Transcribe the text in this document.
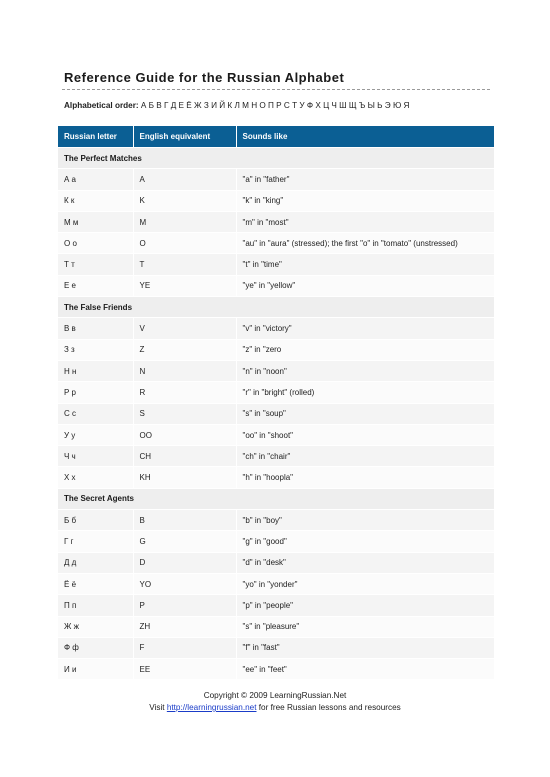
Reference Guide for the Russian Alphabet
Alphabetical order: А Б В Г Д Е Ё Ж З И Й К Л М Н О П Р С Т У Ф Х Ц Ч Ш Щ Ъ Ы Ь Э Ю Я
Russian letter	English equivalent	Sounds like
The Perfect Matches		
А а	A	"a" in "father"
К к	K	"k" in "king"
М м	M	"m" in "most"
О о	O	"au" in "aura" (stressed); the first "o" in "tomato" (unstressed)
Т т	T	"t" in "time"
Е е	YE	"ye" in "yellow"
The False Friends		
В в	V	"v" in "victory"
З з	Z	"z" in "zero
Н н	N	"n" in "noon"
Р р	R	"r" in "bright" (rolled)
С с	S	"s" in "soup"
У у	OO	"oo" in "shoot"
Ч ч	CH	"ch" in "chair"
Х х	KH	"h" in "hoopla"
The Secret Agents		
Б б	B	"b" in "boy"
Г г	G	"g" in "good"
Д д	D	"d" in "desk"
Ё ё	YO	"yo" in "yonder"
П п	P	"p" in "people"
Ж ж	ZH	"s" in "pleasure"
Ф ф	F	"f" in "fast"
И и	EE	"ee" in "feet"
Copyright © 2009 LearningRussian.Net
Visit http://learningrussian.net for free Russian lessons and resources
